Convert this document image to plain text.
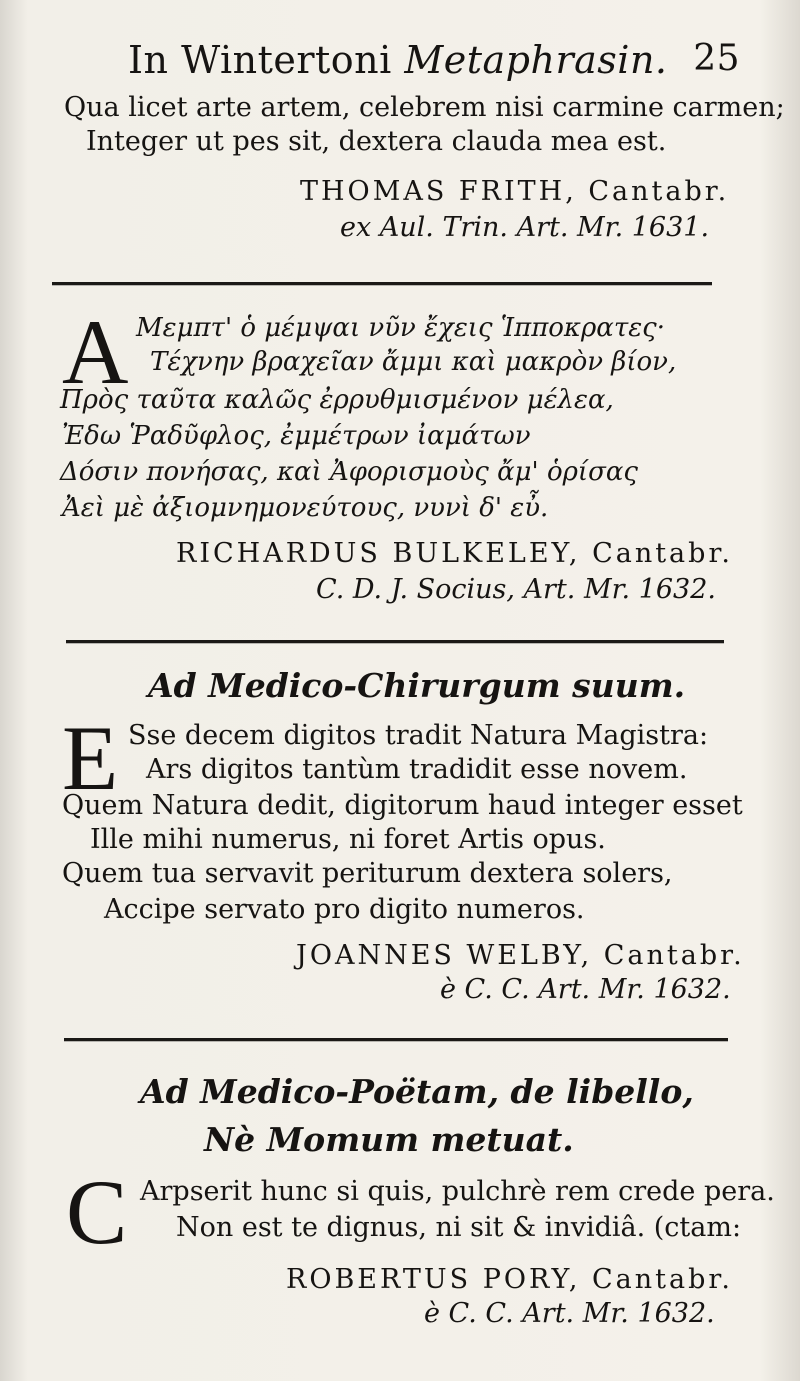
In Wintertoni Metaphrasin. 25
Qua licet arte artem, celebrem nisi carmine carmen;
Integer ut pes sit, dextera clauda mea est.
THOMAS FRITH, Cantabr.
ex Aul. Trin. Art. Mr. 1631.
A Μεμπτ' ὁ μέμψαι νῦν ἔχεις Ἱπποκρατες·
Τέχνην βραχεῖαν ἄμμι καὶ μακρὸν βίον,
Πρὸς ταῦτα καλῶς ἐρρυθμισμένον μέλεα,
Ἐδω Ῥαδῦφλος, ἐμμέτρων ἰαμάτων
Δόσιν πονήσας, καὶ Ἀφορισμοὺς ἄμ' ὁρίσας
Ἀεὶ μὲ ἀξιομνημονεύτους, νυνὶ δ' εὖ.
RICHARDUS BULKELEY, Cantabr.
C. D. J. Socius, Art. Mr. 1632.
Ad Medico-Chirurgum suum.
E Sse decem digitos tradit Natura Magistra:
Ars digitos tantùm tradidit esse novem.
Quem Natura dedit, digitorum haud integer esset
Ille mihi numerus, ni foret Artis opus.
Quem tua servavit periturum dextera solers,
Accipe servato pro digito numeros.
JOANNES WELBY, Cantabr.
è C. C. Art. Mr. 1632.
Ad Medico-Poëtam, de libello,
Nè Momum metuat.
C Arpserit hunc si quis, pulchrè rem crede pera.
Non est te dignus, ni sit & invidiâ. (ctam:
ROBERTUS PORY, Cantabr.
è C. C. Art. Mr. 1632.
